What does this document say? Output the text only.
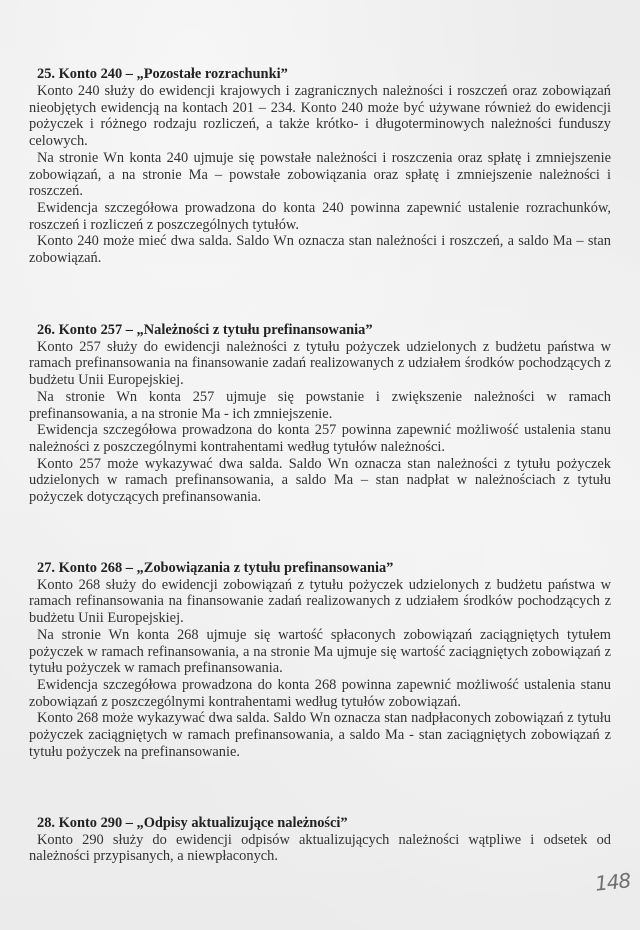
25. Konto 240 – „Pozostałe rozrachunki”

Konto 240 służy do ewidencji krajowych i zagranicznych należności i roszczeń oraz zobowiązań nieobjętych ewidencją na kontach 201 – 234. Konto 240 może być używane również do ewidencji pożyczek i różnego rodzaju rozliczeń, a także krótko- i długoterminowych należności funduszy celowych.

Na stronie Wn konta 240 ujmuje się powstałe należności i roszczenia oraz spłatę i zmniejszenie zobowiązań, a na stronie Ma – powstałe zobowiązania oraz spłatę i zmniejszenie należności i roszczeń.

Ewidencja szczegółowa prowadzona do konta 240 powinna zapewnić ustalenie rozrachunków, roszczeń i rozliczeń z poszczególnych tytułów.

Konto 240 może mieć dwa salda. Saldo Wn oznacza stan należności i roszczeń, a saldo Ma – stan zobowiązań.

26. Konto 257 – „Należności z tytułu prefinansowania”

Konto 257 służy do ewidencji należności z tytułu pożyczek udzielonych z budżetu państwa w ramach prefinansowania na finansowanie zadań realizowanych z udziałem środków pochodzących z budżetu Unii Europejskiej.

Na stronie Wn konta 257 ujmuje się powstanie i zwiększenie należności w ramach prefinansowania, a na stronie Ma - ich zmniejszenie.

Ewidencja szczegółowa prowadzona do konta 257 powinna zapewnić możliwość ustalenia stanu należności z poszczególnymi kontrahentami według tytułów należności.

Konto 257 może wykazywać dwa salda. Saldo Wn oznacza stan należności z tytułu pożyczek udzielonych w ramach prefinansowania, a saldo Ma – stan nadpłat w należnościach z tytułu pożyczek dotyczących prefinansowania.

27. Konto 268 – „Zobowiązania z tytułu prefinansowania”

Konto 268 służy do ewidencji zobowiązań z tytułu pożyczek udzielonych z budżetu państwa w ramach refinansowania na finansowanie zadań realizowanych z udziałem środków pochodzących z budżetu Unii Europejskiej.

Na stronie Wn konta 268 ujmuje się wartość spłaconych zobowiązań zaciągniętych tytułem pożyczek w ramach refinansowania, a na stronie Ma ujmuje się wartość zaciągniętych zobowiązań z tytułu pożyczek w ramach prefinansowania.

Ewidencja szczegółowa prowadzona do konta 268 powinna zapewnić możliwość ustalenia stanu zobowiązań z poszczególnymi kontrahentami według tytułów zobowiązań.

Konto 268 może wykazywać dwa salda. Saldo Wn oznacza stan nadpłaconych zobowiązań z tytułu pożyczek zaciągniętych w ramach prefinansowania, a saldo Ma - stan zaciągniętych zobowiązań z tytułu pożyczek na prefinansowanie.

28. Konto 290 – „Odpisy aktualizujące należności”

Konto 290 służy do ewidencji odpisów aktualizujących należności wątpliwe i odsetek od należności przypisanych, a niewpłaconych.

148
